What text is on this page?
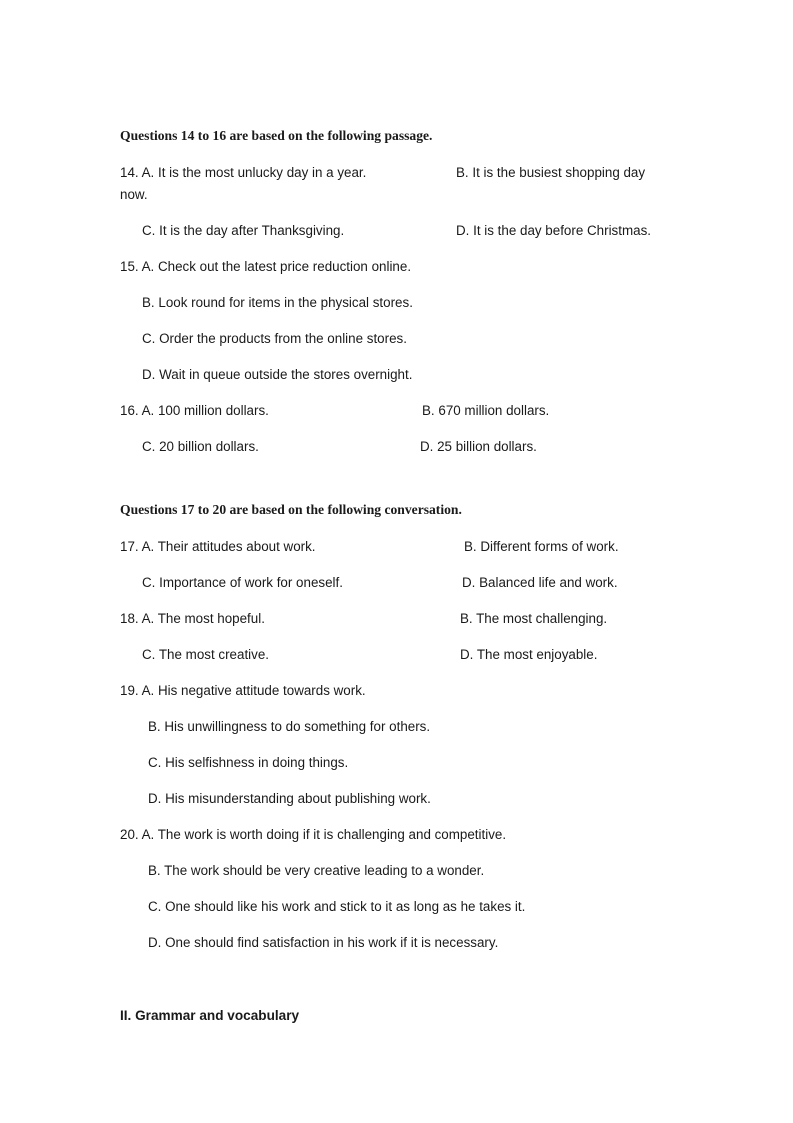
Questions 14 to 16 are based on the following passage.
14. A. It is the most unlucky day in a year.	B. It is the busiest shopping day
now.
C. It is the day after Thanksgiving.	D. It is the day before Christmas.
15. A. Check out the latest price reduction online.
B. Look round for items in the physical stores.
C. Order the products from the online stores.
D. Wait in queue outside the stores overnight.
16. A. 100 million dollars.	B. 670 million dollars.
C. 20 billion dollars.	D. 25 billion dollars.
Questions 17 to 20 are based on the following conversation.
17. A. Their attitudes about work.	B. Different forms of work.
C. Importance of work for oneself.	D. Balanced life and work.
18. A. The most hopeful.	B. The most challenging.
C. The most creative.	D. The most enjoyable.
19. A. His negative attitude towards work.
B. His unwillingness to do something for others.
C. His selfishness in doing things.
D. His misunderstanding about publishing work.
20. A. The work is worth doing if it is challenging and competitive.
B. The work should be very creative leading to a wonder.
C. One should like his work and stick to it as long as he takes it.
D. One should find satisfaction in his work if it is necessary.
II. Grammar and vocabulary
